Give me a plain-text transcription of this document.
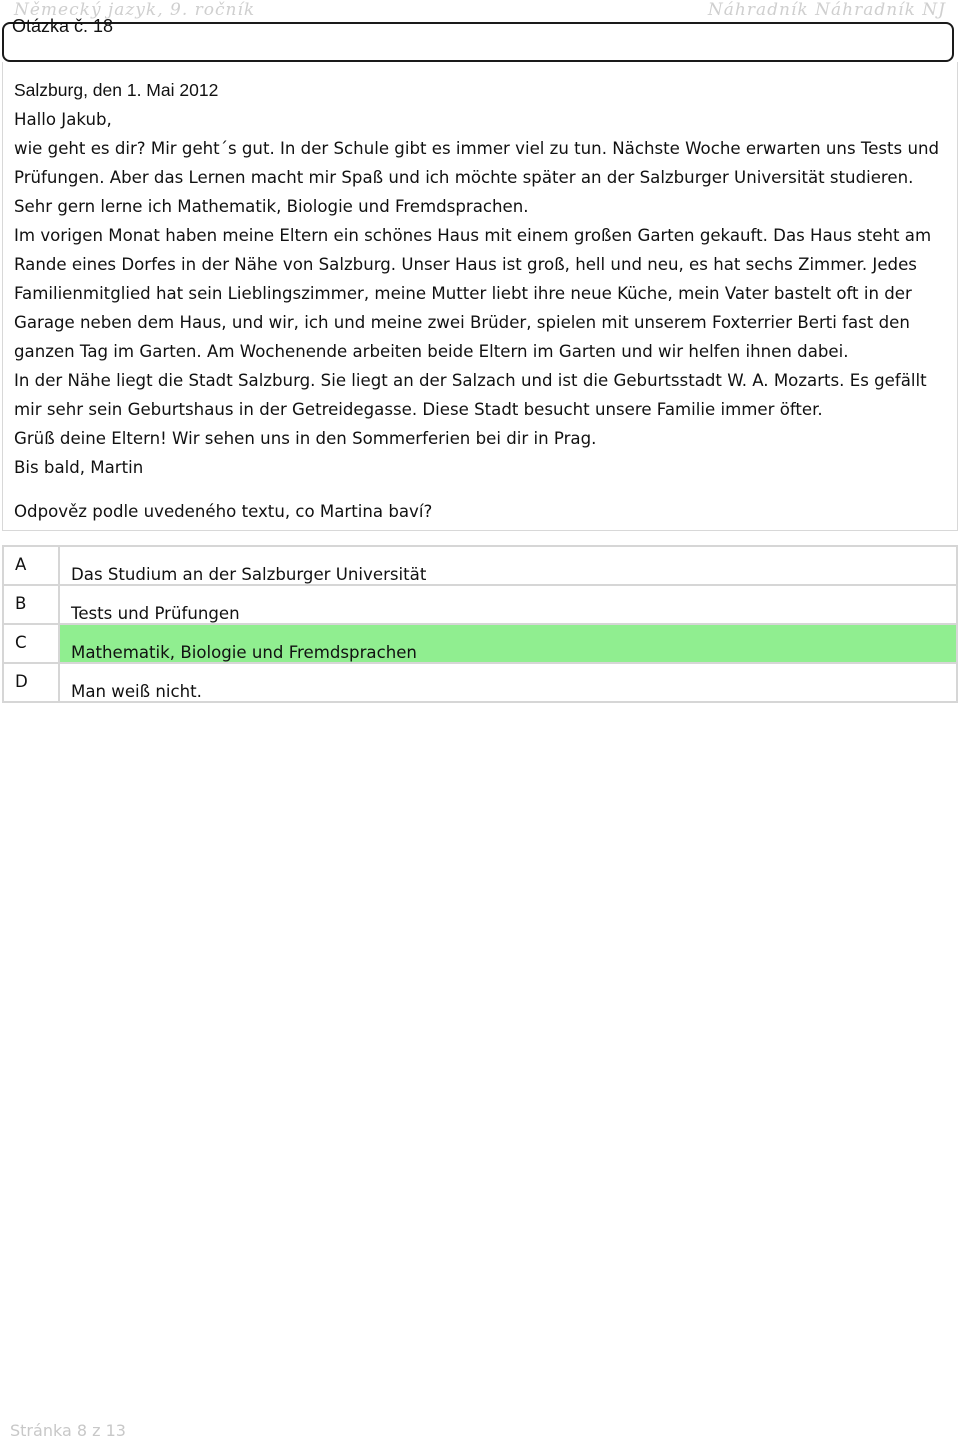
Německý jazyk, 9. ročník	Náhradník Náhradník NJ
Otázka č. 18

Salzburg, den 1. Mai 2012

Hallo Jakub,

wie geht es dir? Mir geht´s gut. In der Schule gibt es immer viel zu tun. Nächste Woche erwarten uns Tests und Prüfungen. Aber das Lernen macht mir Spaß und ich möchte später an der Salzburger Universität studieren. Sehr gern lerne ich Mathematik, Biologie und Fremdsprachen.

Im vorigen Monat haben meine Eltern ein schönes Haus mit einem großen Garten gekauft. Das Haus steht am Rande eines Dorfes in der Nähe von Salzburg. Unser Haus ist groß, hell und neu, es hat sechs Zimmer. Jedes Familienmitglied hat sein Lieblingszimmer, meine Mutter liebt ihre neue Küche, mein Vater bastelt oft in der Garage neben dem Haus, und wir, ich und meine zwei Brüder, spielen mit unserem Foxterrier Berti fast den ganzen Tag im Garten. Am Wochenende arbeiten beide Eltern im Garten und wir helfen ihnen dabei.

In der Nähe liegt die Stadt Salzburg. Sie liegt an der Salzach und ist die Geburtsstadt W. A. Mozarts. Es gefällt mir sehr sein Geburtshaus in der Getreidegasse. Diese Stadt besucht unsere Familie immer öfter.

Grüß deine Eltern! Wir sehen uns in den Sommerferien bei dir in Prag.

Bis bald, Martin

Odpověz podle uvedeného textu, co Martina baví?
A	Das Studium an der Salzburger Universität
B	Tests und Prüfungen
C	Mathematik, Biologie und Fremdsprachen
D	Man weiß nicht.
Stránka 8 z 13
